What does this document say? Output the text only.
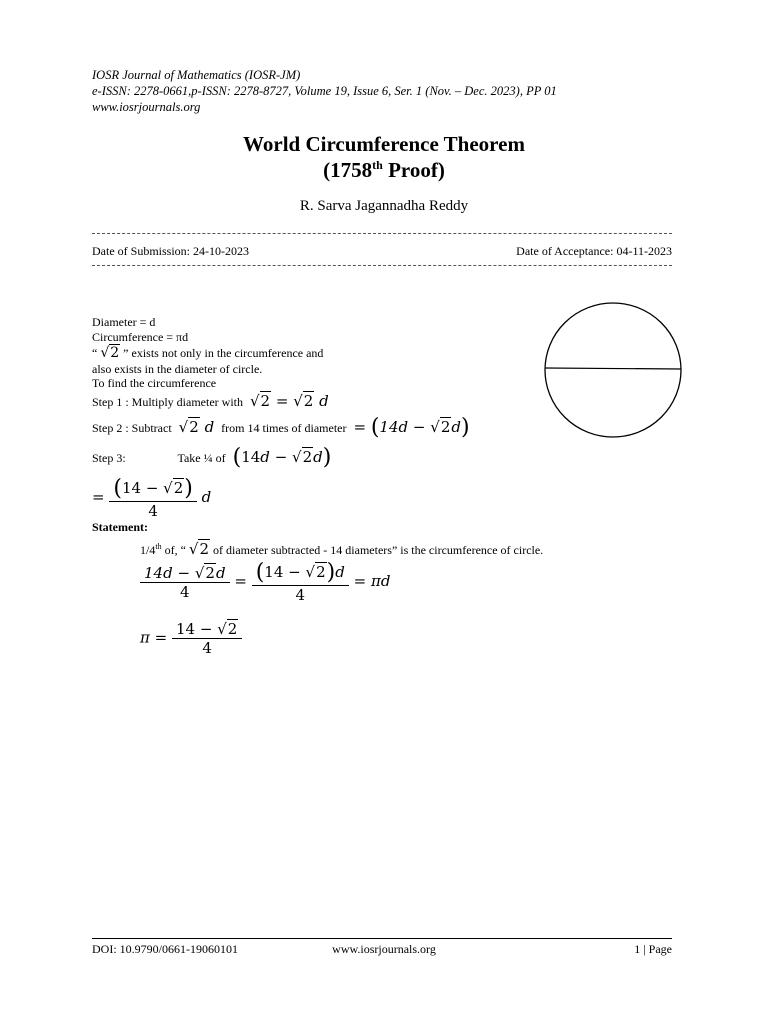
IOSR Journal of Mathematics (IOSR-JM)
e-ISSN: 2278-0661,p-ISSN: 2278-8727, Volume 19, Issue 6, Ser. 1 (Nov. – Dec. 2023), PP 01
www.iosrjournals.org
World Circumference Theorem
(1758th Proof)
R. Sarva Jagannadha Reddy
Date of Submission: 24-10-2023	Date of Acceptance: 04-11-2023
Diameter = d
Circumference = πd
“ √2 ” exists not only in the circumference and
also exists in the diameter of circle.
To find the circumference
Step 1 : Multiply diameter with √2 = √2 d
Step 2 : Subtract √2 d from 14 times of diameter = (14d − √2d)
Step 3:	Take ¼ of (14d − √2d)
= $\frac{(14 - √2)}{4}$ d
Statement:
1/4th of, “ √2 of diameter subtracted - 14 diameters” is the circumference of circle.
$\frac{14d - √2d}{4} = \frac{(14 - √2)d}{4} = \pi d$
$\pi = \frac{14 - √2}{4}$
DOI: 10.9790/0661-19060101	www.iosrjournals.org	1 | Page
